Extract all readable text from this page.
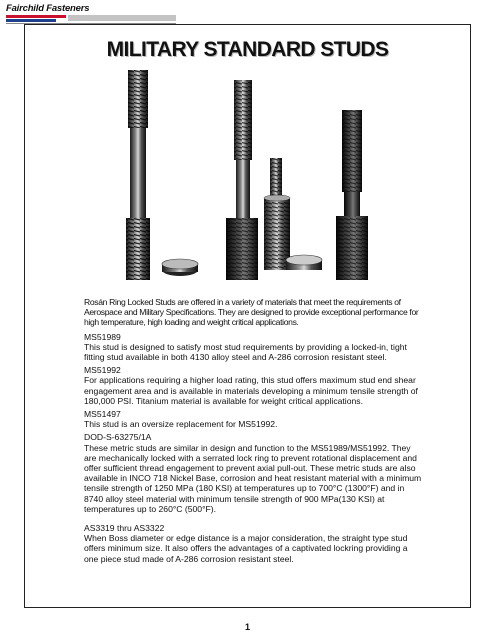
Fairchild Fasteners
MILITARY STANDARD STUDS

Rosán Ring Locked Studs are offered in a variety of materials that meet the requirements of Aerospace and Military Specifications. They are designed to provide exceptional performance for high temperature, high loading and weight critical applications.

MS51989

This stud is designed to satisfy most stud requirements by providing a locked-in, tight fitting stud available in both 4130 alloy steel and A-286 corrosion resistant steel.

MS51992

For applications requiring a higher load rating, this stud offers maximum stud end shear engagement area and is available in materials developing a minimum tensile strength of 180,000 PSI. Titanium material is available for weight critical applications.

MS51497

This stud is an oversize replacement for MS51992.

DOD-S-63275/1A

These metric studs are similar in design and function to the MS51989/MS51992. They are mechanically locked with a serrated lock ring to prevent rotational displacement and offer sufficient thread engagement to prevent axial pull-out. These metric studs are also available in INCO 718 Nickel Base, corrosion and heat resistant material with a minimum tensile strength of 1250 MPa (180 KSI) at temperatures up to 700°C (1300°F) and in 8740 alloy steel material with minimum tensile strength of 900 MPa(130 KSI) at temperatures up to 260°C (500°F).

AS3319 thru AS3322

When Boss diameter or edge distance is a major consideration, the straight type stud offers minimum size. It also offers the advantages of a captivated lockring providing a one piece stud made of A-286 corrosion resistant steel.

1
